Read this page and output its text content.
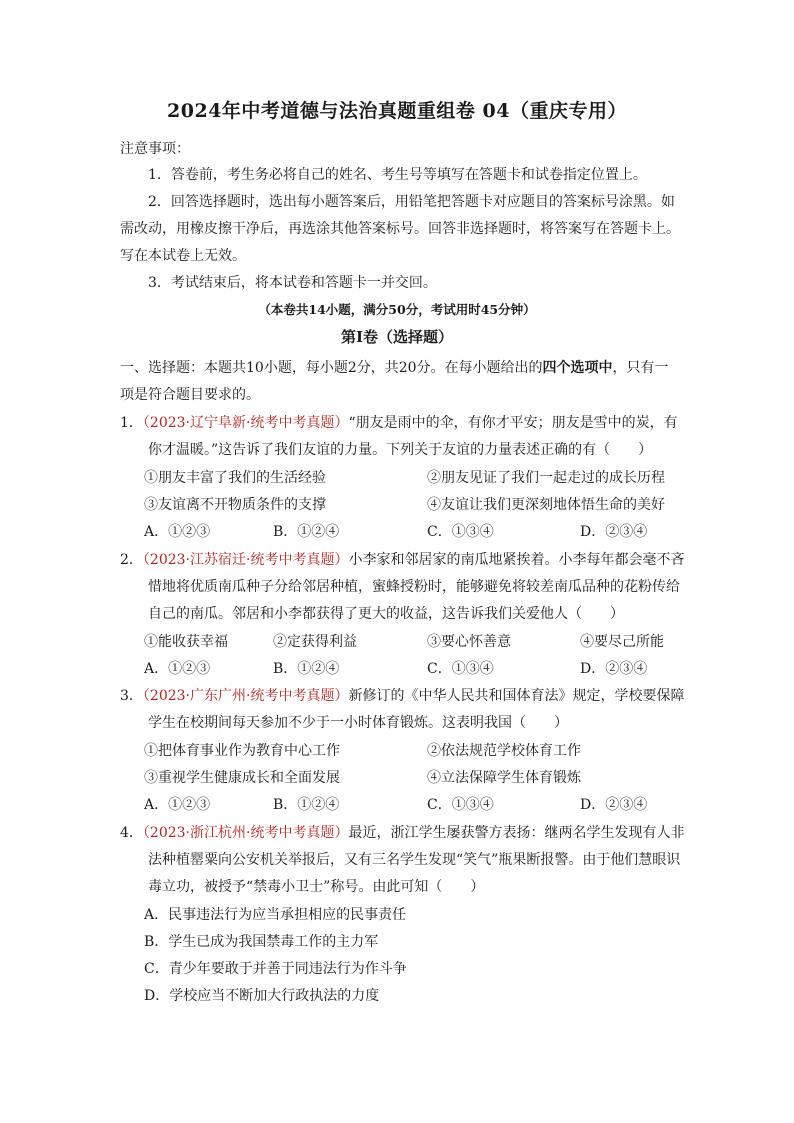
2024年中考道德与法治真题重组卷 04（重庆专用）
注意事项：
1．答卷前，考生务必将自己的姓名、考生号等填写在答题卡和试卷指定位置上。
2．回答选择题时，选出每小题答案后，用铅笔把答题卡对应题目的答案标号涂黑。如
需改动，用橡皮擦干净后，再选涂其他答案标号。回答非选择题时，将答案写在答题卡上。
写在本试卷上无效。
3．考试结束后，将本试卷和答题卡一并交回。
（本卷共14小题，满分50分，考试用时45分钟）
第I卷（选择题）
一、选择题：本题共10小题，每小题2分，共20分。在每小题给出的四个选项中，只有一
项是符合题目要求的。
1．（2023·辽宁阜新·统考中考真题）“朋友是雨中的伞，有你才平安；朋友是雪中的炭，有
你才温暖。”这告诉了我们友谊的力量。下列关于友谊的力量表述正确的有（　　）
①朋友丰富了我们的生活经验	②朋友见证了我们一起走过的成长历程
③友谊离不开物质条件的支撑	④友谊让我们更深刻地体悟生命的美好
A．①②③	B．①②④	C．①③④	D．②③④
2．（2023·江苏宿迁·统考中考真题）小李家和邻居家的南瓜地紧挨着。小李每年都会毫不吝
惜地将优质南瓜种子分给邻居种植，蜜蜂授粉时，能够避免将较差南瓜品种的花粉传给
自己的南瓜。邻居和小李都获得了更大的收益，这告诉我们关爱他人（　　）
①能收获幸福	②定获得利益	③要心怀善意	④要尽己所能
A．①②③	B．①②④	C．①③④	D．②③④
3．（2023·广东广州·统考中考真题）新修订的《中华人民共和国体育法》规定，学校要保障
学生在校期间每天参加不少于一小时体育锻炼。这表明我国（　　）
①把体育事业作为教育中心工作	②依法规范学校体育工作
③重视学生健康成长和全面发展	④立法保障学生体育锻炼
A．①②③	B．①②④	C．①③④	D．②③④
4．（2023·浙江杭州·统考中考真题）最近，浙江学生屡获警方表扬：继两名学生发现有人非
法种植罂粟向公安机关举报后，又有三名学生发现“笑气”瓶果断报警。由于他们慧眼识
毒立功，被授予“禁毒小卫士”称号。由此可知（　　）
A．民事违法行为应当承担相应的民事责任
B．学生已成为我国禁毒工作的主力军
C．青少年要敢于并善于同违法行为作斗争
D．学校应当不断加大行政执法的力度
